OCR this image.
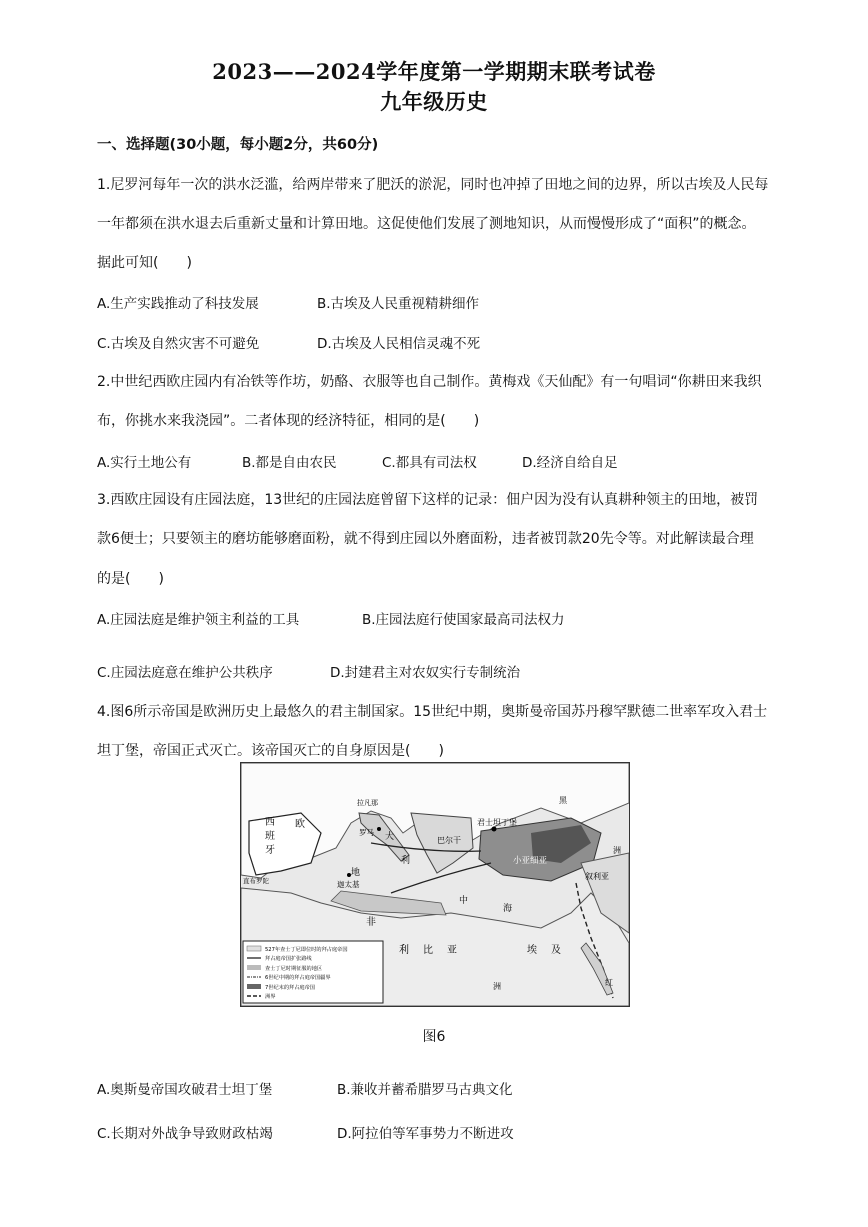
2023——2024学年度第一学期期末联考试卷
九年级历史
一、选择题(30小题，每小题2分，共60分)
1.尼罗河每年一次的洪水泛滥，给两岸带来了肥沃的淤泥，同时也冲掉了田地之间的边界，所以古埃及人民每
一年都须在洪水退去后重新丈量和计算田地。这促使他们发展了测地知识，从而慢慢形成了“面积”的概念。
据此可知(　　)
A.生产实践推动了科技发展	B.古埃及人民重视精耕细作
C.古埃及自然灾害不可避免	D.古埃及人民相信灵魂不死
2.中世纪西欧庄园内有冶铁等作坊，奶酪、衣服等也自己制作。黄梅戏《天仙配》有一句唱词“你耕田来我织
布，你挑水来我浇园”。二者体现的经济特征，相同的是(　　)
A.实行土地公有	B.都是自由农民	C.都具有司法权	D.经济自给自足
3.西欧庄园设有庄园法庭，13世纪的庄园法庭曾留下这样的记录：佃户因为没有认真耕种领主的田地，被罚
款6便士；只要领主的磨坊能够磨面粉，就不得到庄园以外磨面粉，违者被罚款20先令等。对此解读最合理
的是(　　)
A.庄园法庭是维护领主利益的工具	B.庄园法庭行使国家最高司法权力
C.庄园法庭意在维护公共秩序	D.封建君主对农奴实行专制统治
4.图6所示帝国是欧洲历史上最悠久的君主制国家。15世纪中期，奥斯曼帝国苏丹穆罕默德二世率军攻入君士
坦丁堡，帝国正式灭亡。该帝国灭亡的自身原因是(　　)
西
班
牙
欧
拉凡那
罗马 大
利
君士坦丁堡
巴尔干
小亚细亚
叙利亚
迦太基
非
利比亚	埃及
地
中
海
洲
洲
黑
红
直布罗陀
527年查士丁尼即位时的拜占庭帝国
拜占庭帝国扩张路线
查士丁尼时期征服的地区
6世纪中期的拜占庭帝国疆界
7世纪末的拜占庭帝国
洲界
图6
A.奥斯曼帝国攻破君士坦丁堡	B.兼收并蓄希腊罗马古典文化
C.长期对外战争导致财政枯竭	D.阿拉伯等军事势力不断进攻
